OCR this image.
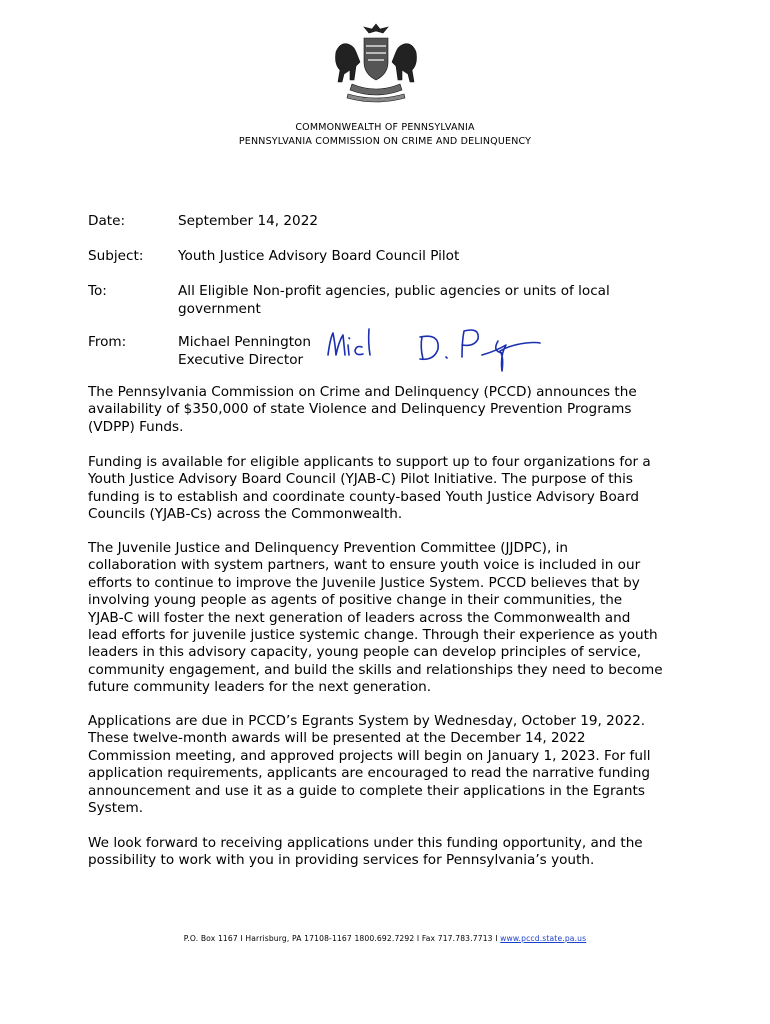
COMMONWEALTH OF PENNSYLVANIA
PENNSYLVANIA COMMISSION ON CRIME AND DELINQUENCY
Date:	September 14, 2022
Subject:	Youth Justice Advisory Board Council Pilot
To:	All Eligible Non-profit agencies, public agencies or units of local
government
From:	Michael Pennington
Executive Director
The Pennsylvania Commission on Crime and Delinquency (PCCD) announces the
availability of $350,000 of state Violence and Delinquency Prevention Programs
(VDPP) Funds.
Funding is available for eligible applicants to support up to four organizations for a
Youth Justice Advisory Board Council (YJAB-C) Pilot Initiative. The purpose of this
funding is to establish and coordinate county-based Youth Justice Advisory Board
Councils (YJAB-Cs) across the Commonwealth.
The Juvenile Justice and Delinquency Prevention Committee (JJDPC), in
collaboration with system partners, want to ensure youth voice is included in our
efforts to continue to improve the Juvenile Justice System. PCCD believes that by
involving young people as agents of positive change in their communities, the
YJAB-C will foster the next generation of leaders across the Commonwealth and
lead efforts for juvenile justice systemic change. Through their experience as youth
leaders in this advisory capacity, young people can develop principles of service,
community engagement, and build the skills and relationships they need to become
future community leaders for the next generation.
Applications are due in PCCD’s Egrants System by Wednesday, October 19, 2022.
These twelve-month awards will be presented at the December 14, 2022
Commission meeting, and approved projects will begin on January 1, 2023. For full
application requirements, applicants are encouraged to read the narrative funding
announcement and use it as a guide to complete their applications in the Egrants
System.
We look forward to receiving applications under this funding opportunity, and the
possibility to work with you in providing services for Pennsylvania’s youth.
P.O. Box 1167 I Harrisburg, PA 17108-1167 1800.692.7292 I Fax 717.783.7713 I www.pccd.state.pa.us
